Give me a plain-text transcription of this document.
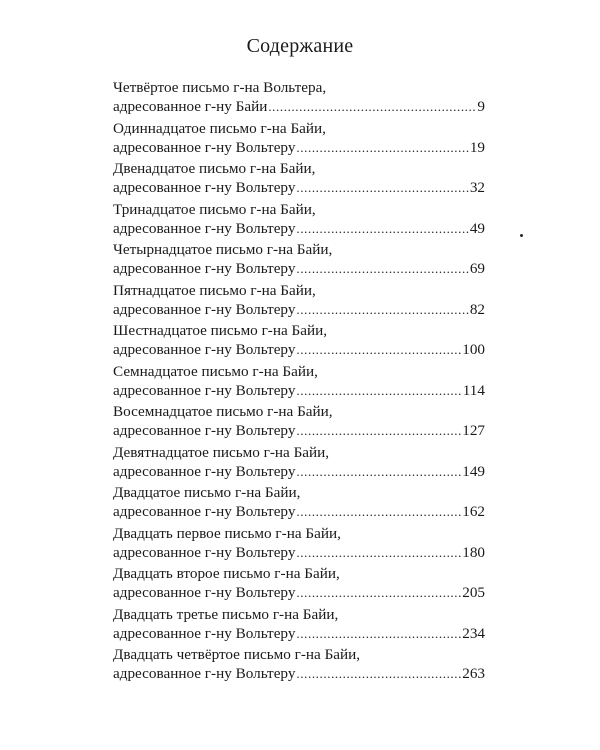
Содержание
Четвёртое письмо г-на Вольтера,
адресованное г-ну Байи .....	9
Одиннадцатое письмо г-на Байи,
адресованное г-ну Вольтеру .....	19
Двенадцатое письмо г-на Байи,
адресованное г-ну Вольтеру .....	32
Тринадцатое письмо г-на Байи,
адресованное г-ну Вольтеру .....	49
Четырнадцатое письмо г-на Байи,
адресованное г-ну Вольтеру .....	69
Пятнадцатое письмо г-на Байи,
адресованное г-ну Вольтеру .....	82
Шестнадцатое письмо г-на Байи,
адресованное г-ну Вольтеру .....	100
Семнадцатое письмо г-на Байи,
адресованное г-ну Вольтеру .....	114
Восемнадцатое письмо г-на Байи,
адресованное г-ну Вольтеру .....	127
Девятнадцатое письмо г-на Байи,
адресованное г-ну Вольтеру .....	149
Двадцатое письмо г-на Байи,
адресованное г-ну Вольтеру .....	162
Двадцать первое письмо г-на Байи,
адресованное г-ну Вольтеру .....	180
Двадцать второе письмо г-на Байи,
адресованное г-ну Вольтеру .....	205
Двадцать третье письмо г-на Байи,
адресованное г-ну Вольтеру .....	234
Двадцать четвёртое письмо г-на Байи,
адресованное г-ну Вольтеру .....	263
